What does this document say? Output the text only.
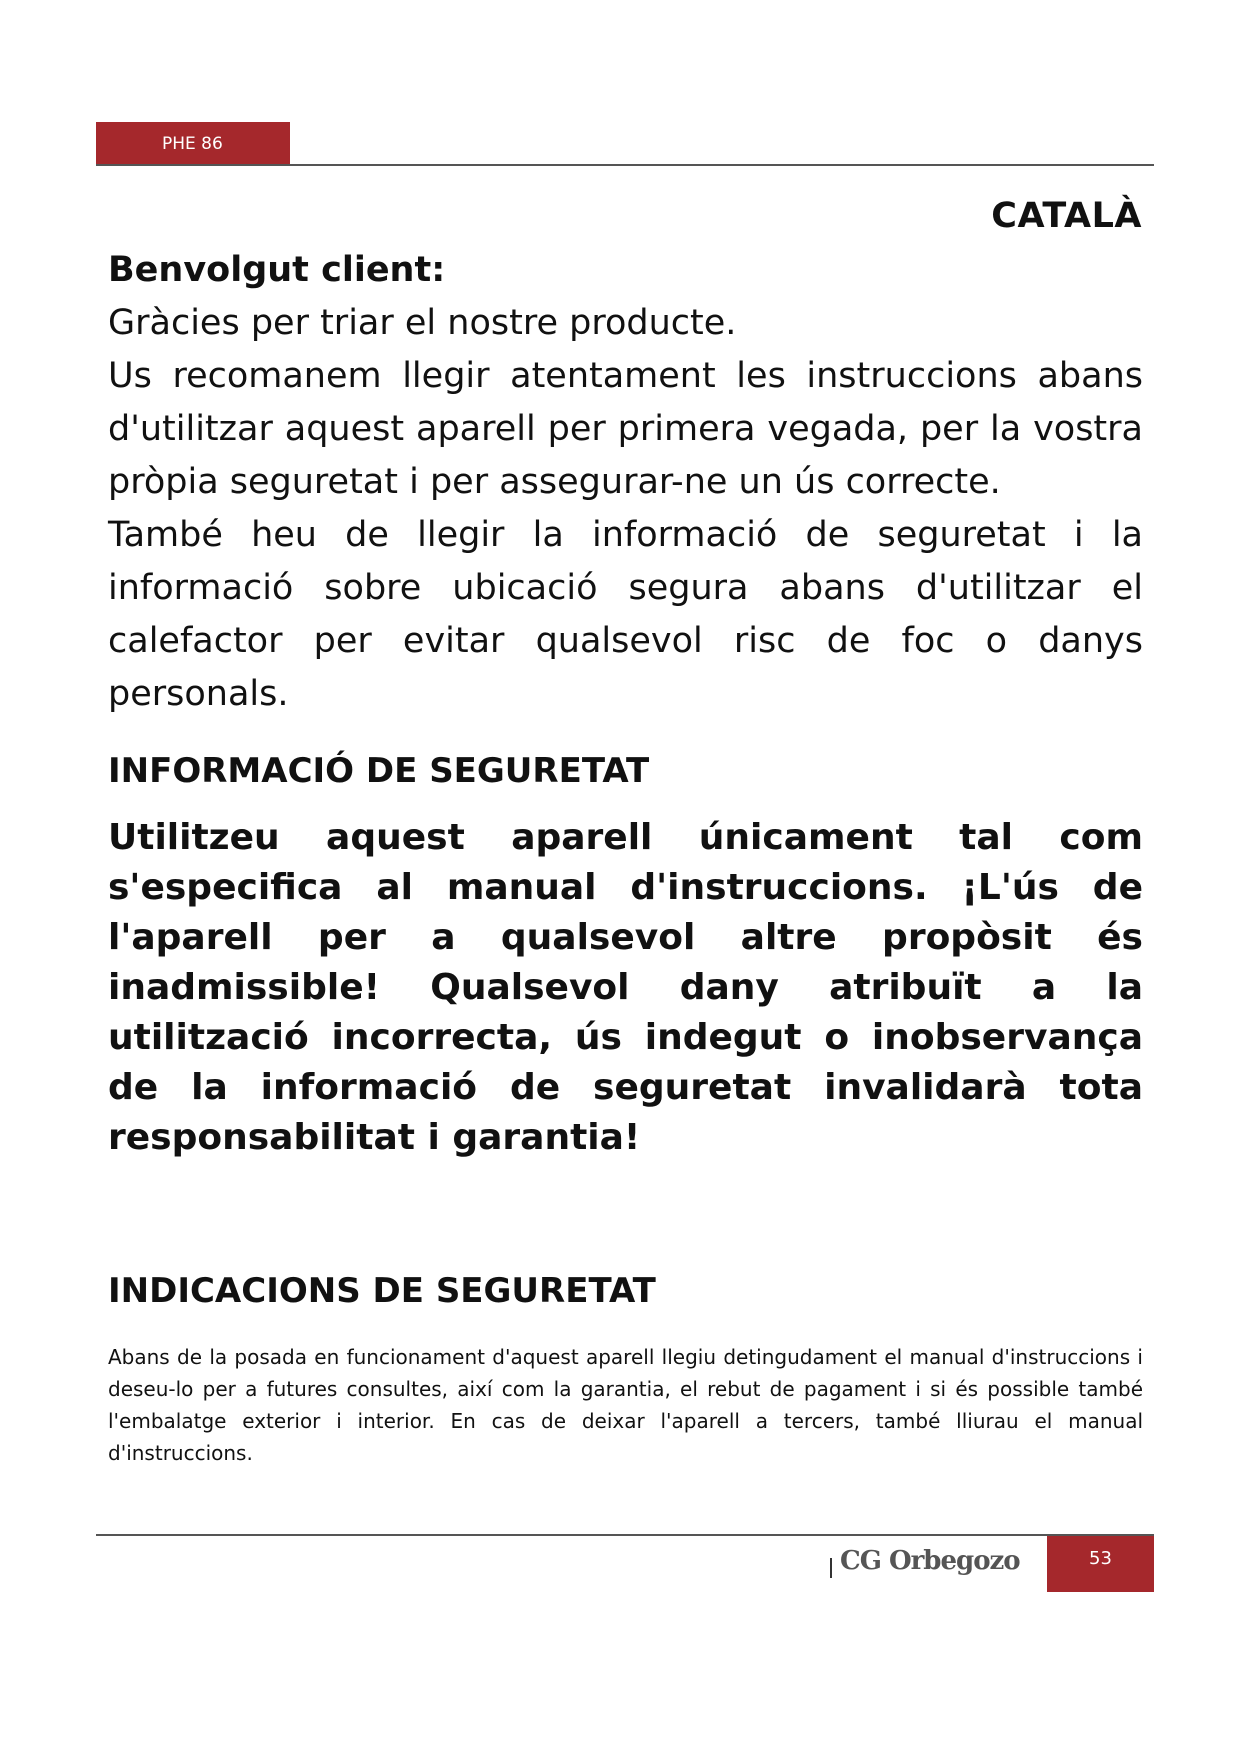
PHE 86
CATALÀ

Benvolgut client:

Gràcies per triar el nostre producte.

Us recomanem llegir atentament les instruccions abans d'utilitzar aquest aparell per primera vegada, per la vostra pròpia seguretat i per assegurar-ne un ús correcte.

També heu de llegir la informació de seguretat i la informació sobre ubicació segura abans d'utilitzar el calefactor per evitar qualsevol risc de foc o danys personals.

INFORMACIÓ DE SEGURETAT

Utilitzeu aquest aparell únicament tal com s'especifica al manual d'instruccions. ¡L'ús de l'aparell per a qualsevol altre propòsit és inadmissible! Qualsevol dany atribuït a la utilització incorrecta, ús indegut o inobservança de la informació de seguretat invalidarà tota responsabilitat i garantia!

INDICACIONS DE SEGURETAT

Abans de la posada en funcionament d'aquest aparell llegiu detingudament el manual d'instruccions i deseu-lo per a futures consultes, així com la garantia, el rebut de pagament i si és possible també l'embalatge exterior i interior. En cas de deixar l'aparell a tercers, també lliurau el manual d'instruccions.

CG Orbegozo	53
